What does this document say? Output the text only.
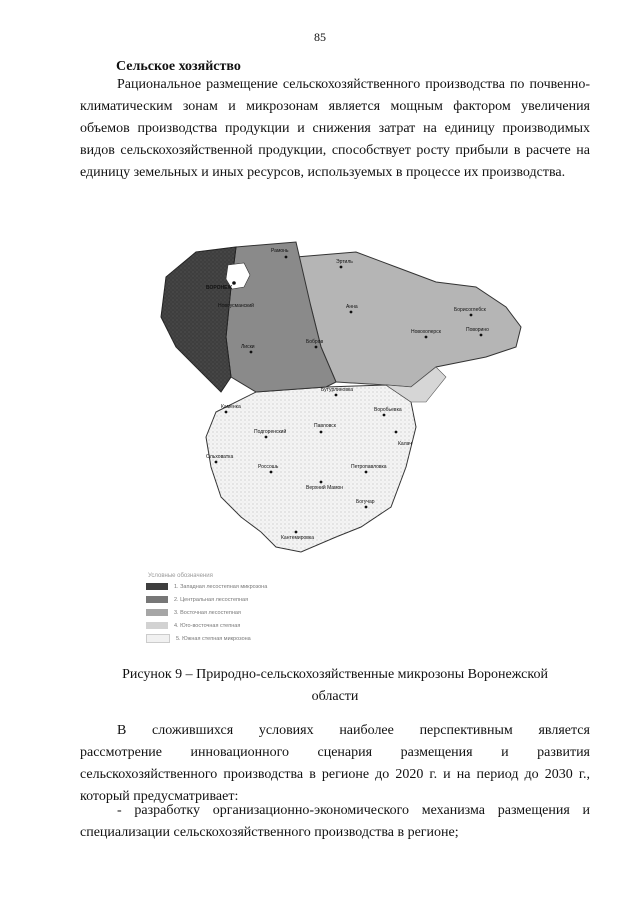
85
Сельское хозяйство

Рациональное размещение сельскохозяйственного производства по почвенно-климатическим зонам и микрозонам является мощным фактором увеличения объемов производства продукции и снижения затрат на единицу производимых видов сельскохозяйственной продукции, способствует росту прибыли в расчете на единицу земельных и иных ресурсов, используемых в процессе их производства.

ВОРОНЕЖ
Новоусманский
Рамонь
Эртиль
Анна
Бобров
Лиски
Бутурлиновка
Борисоглебск
Поворино
Новохоперск
Калач
Воробьевка
Павловск
Подгоренский
Россошь	Петропавловка
Богучар
Кантемировка
Каменка
Ольховатка
Верхний Мамон
Условные обозначения
1. Западная лесостепная микрозона
2. Центральная лесостепная
3. Восточная лесостепная
4. Юго-восточная степная
5. Южная степная микрозона
Рисунок 9 – Природно-сельскохозяйственные микрозоны Воронежской
области
В сложившихся условиях наиболее перспективным является

рассмотрение инновационного сценария размещения и развития сельскохозяйственного производства в регионе до 2020 г. и на период до 2030 г., который предусматривает:

- разработку организационно-экономического механизма размещения и специализации сельскохозяйственного производства в регионе;
